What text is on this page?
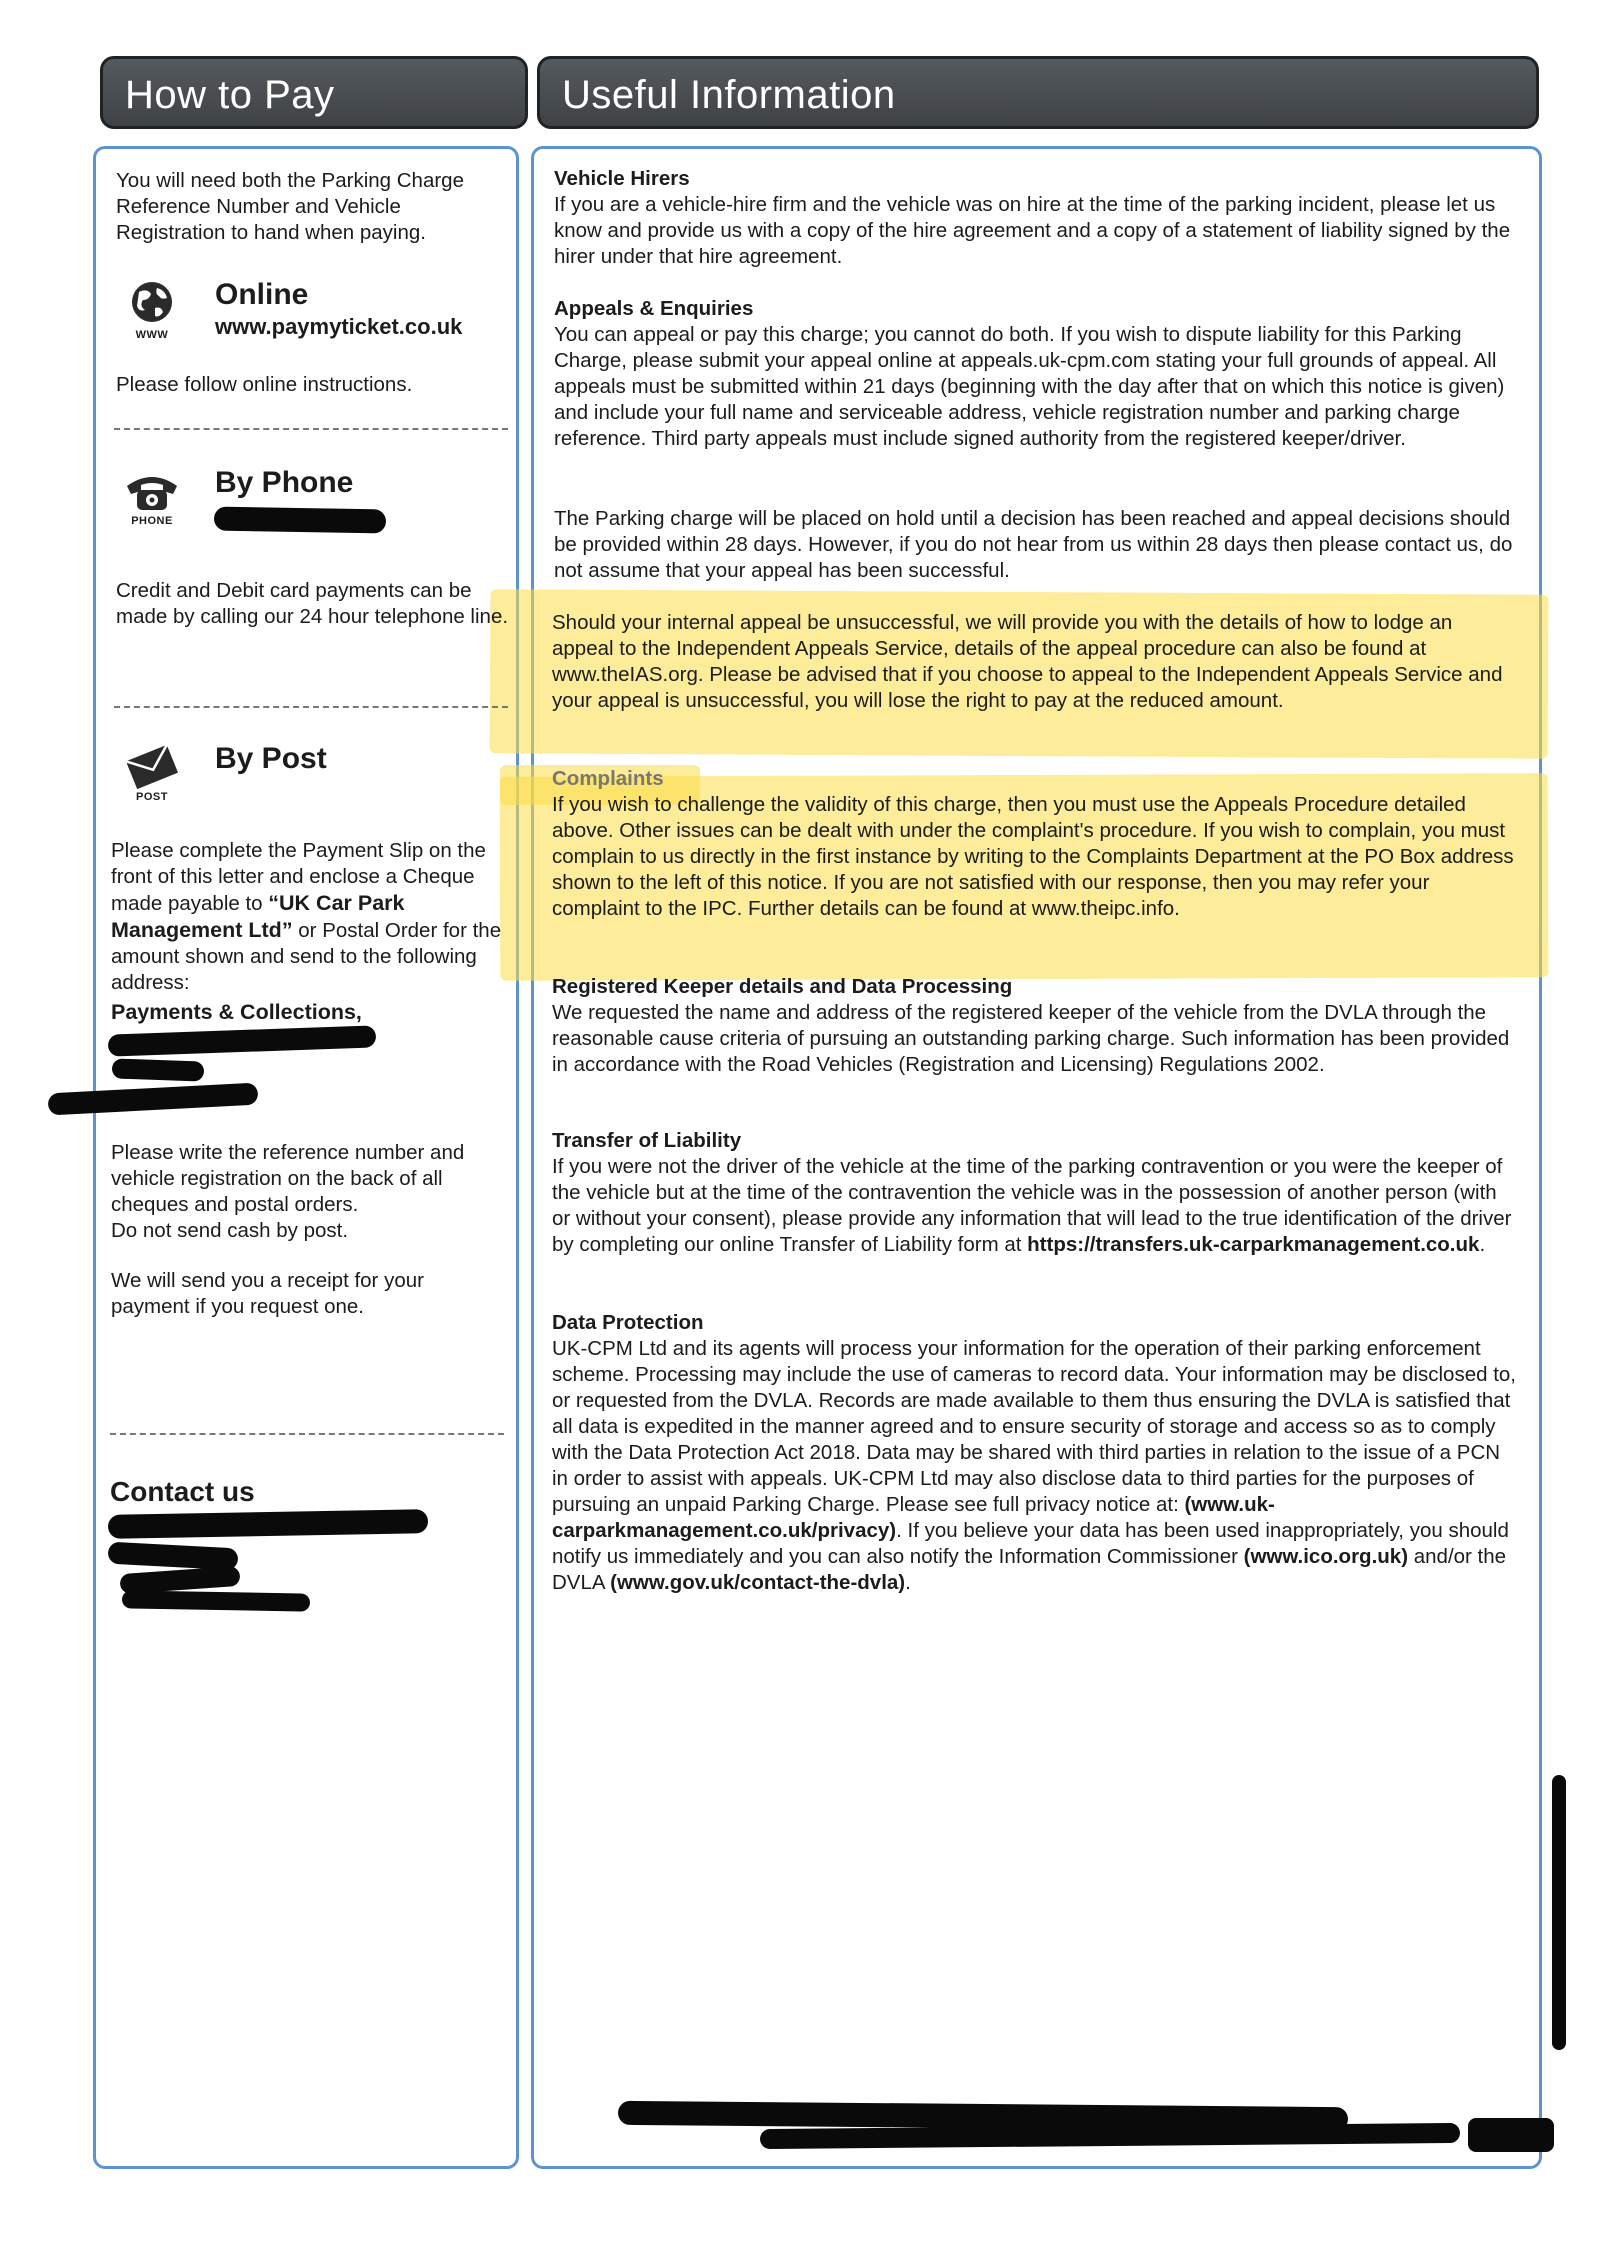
How to Pay	Useful Information
You will need both the Parking Charge Reference Number and Vehicle Registration to hand when paying.
WWW
Online
www.paymyticket.co.uk
Please follow online instructions.
PHONE
By Phone
Credit and Debit card payments can be made by calling our 24 hour telephone line.
POST
By Post
Please complete the Payment Slip on the front of this letter and enclose a Cheque made payable to “UK Car Park Management Ltd” or Postal Order for the amount shown and send to the following address:
Payments & Collections,
Please write the reference number and vehicle registration on the back of all cheques and postal orders.
Do not send cash by post.
We will send you a receipt for your payment if you request one.
Contact us
Vehicle Hirers
If you are a vehicle-hire firm and the vehicle was on hire at the time of the parking incident, please let us know and provide us with a copy of the hire agreement and a copy of a statement of liability signed by the hirer under that hire agreement.
Appeals & Enquiries
You can appeal or pay this charge; you cannot do both. If you wish to dispute liability for this Parking Charge, please submit your appeal online at appeals.uk-cpm.com stating your full grounds of appeal. All appeals must be submitted within 21 days (beginning with the day after that on which this notice is given) and include your full name and serviceable address, vehicle registration number and parking charge reference. Third party appeals must include signed authority from the registered keeper/driver.
The Parking charge will be placed on hold until a decision has been reached and appeal decisions should be provided within 28 days. However, if you do not hear from us within 28 days then please contact us, do not assume that your appeal has been successful.
Should your internal appeal be unsuccessful, we will provide you with the details of how to lodge an appeal to the Independent Appeals Service, details of the appeal procedure can also be found at www.theIAS.org. Please be advised that if you choose to appeal to the Independent Appeals Service and your appeal is unsuccessful, you will lose the right to pay at the reduced amount.
Complaints
If you wish to challenge the validity of this charge, then you must use the Appeals Procedure detailed above. Other issues can be dealt with under the complaint's procedure. If you wish to complain, you must complain to us directly in the first instance by writing to the Complaints Department at the PO Box address shown to the left of this notice. If you are not satisfied with our response, then you may refer your complaint to the IPC. Further details can be found at www.theipc.info.
Registered Keeper details and Data Processing
We requested the name and address of the registered keeper of the vehicle from the DVLA through the reasonable cause criteria of pursuing an outstanding parking charge. Such information has been provided in accordance with the Road Vehicles (Registration and Licensing) Regulations 2002.
Transfer of Liability
If you were not the driver of the vehicle at the time of the parking contravention or you were the keeper of the vehicle but at the time of the contravention the vehicle was in the possession of another person (with or without your consent), please provide any information that will lead to the true identification of the driver by completing our online Transfer of Liability form at https://transfers.uk-carparkmanagement.co.uk.
Data Protection
UK-CPM Ltd and its agents will process your information for the operation of their parking enforcement scheme. Processing may include the use of cameras to record data. Your information may be disclosed to, or requested from the DVLA. Records are made available to them thus ensuring the DVLA is satisfied that all data is expedited in the manner agreed and to ensure security of storage and access so as to comply with the Data Protection Act 2018. Data may be shared with third parties in relation to the issue of a PCN in order to assist with appeals. UK-CPM Ltd may also disclose data to third parties for the purposes of pursuing an unpaid Parking Charge. Please see full privacy notice at: (www.uk-carparkmanagement.co.uk/privacy). If you believe your data has been used inappropriately, you should notify us immediately and you can also notify the Information Commissioner (www.ico.org.uk) and/or the DVLA (www.gov.uk/contact-the-dvla).
